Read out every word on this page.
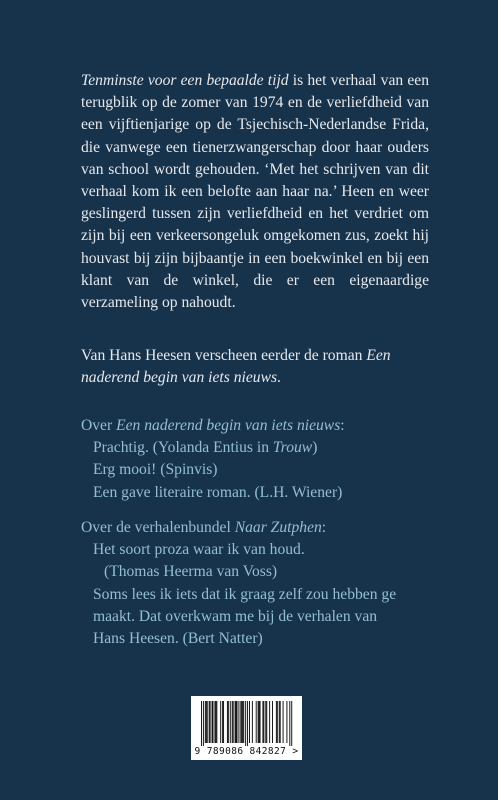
Tenminste voor een bepaalde tijd is het verhaal van een terugblik op de zomer van 1974 en de verliefdheid van een vijftienjarige op de Tsjechisch-Nederlandse Frida, die vanwege een tienerzwangerschap door haar ouders van school wordt gehouden. ‘Met het schrijven van dit verhaal kom ik een belofte aan haar na.’ Heen en weer geslingerd tussen zijn verliefdheid en het verdriet om zijn bij een verkeersongeluk omgekomen zus, zoekt hij houvast bij zijn bijbaantje in een boekwinkel en bij een klant van de winkel, die er een eigenaardige verzameling op nahoudt.

Van Hans Heesen verscheen eerder de roman Een naderend begin van iets nieuws.

Over Een naderend begin van iets nieuws:

Prachtig. (Yolanda Entius in Trouw)

Erg mooi! (Spinvis)

Een gave literaire roman. (L.H. Wiener)

Over de verhalenbundel Naar Zutphen:

Het soort proza waar ik van houd.
(Thomas Heerma van Voss)

Soms lees ik iets dat ik graag zelf zou hebben ge
maakt. Dat overkwam me bij de verhalen van
Hans Heesen. (Bert Natter)

9 789086 842827 >
